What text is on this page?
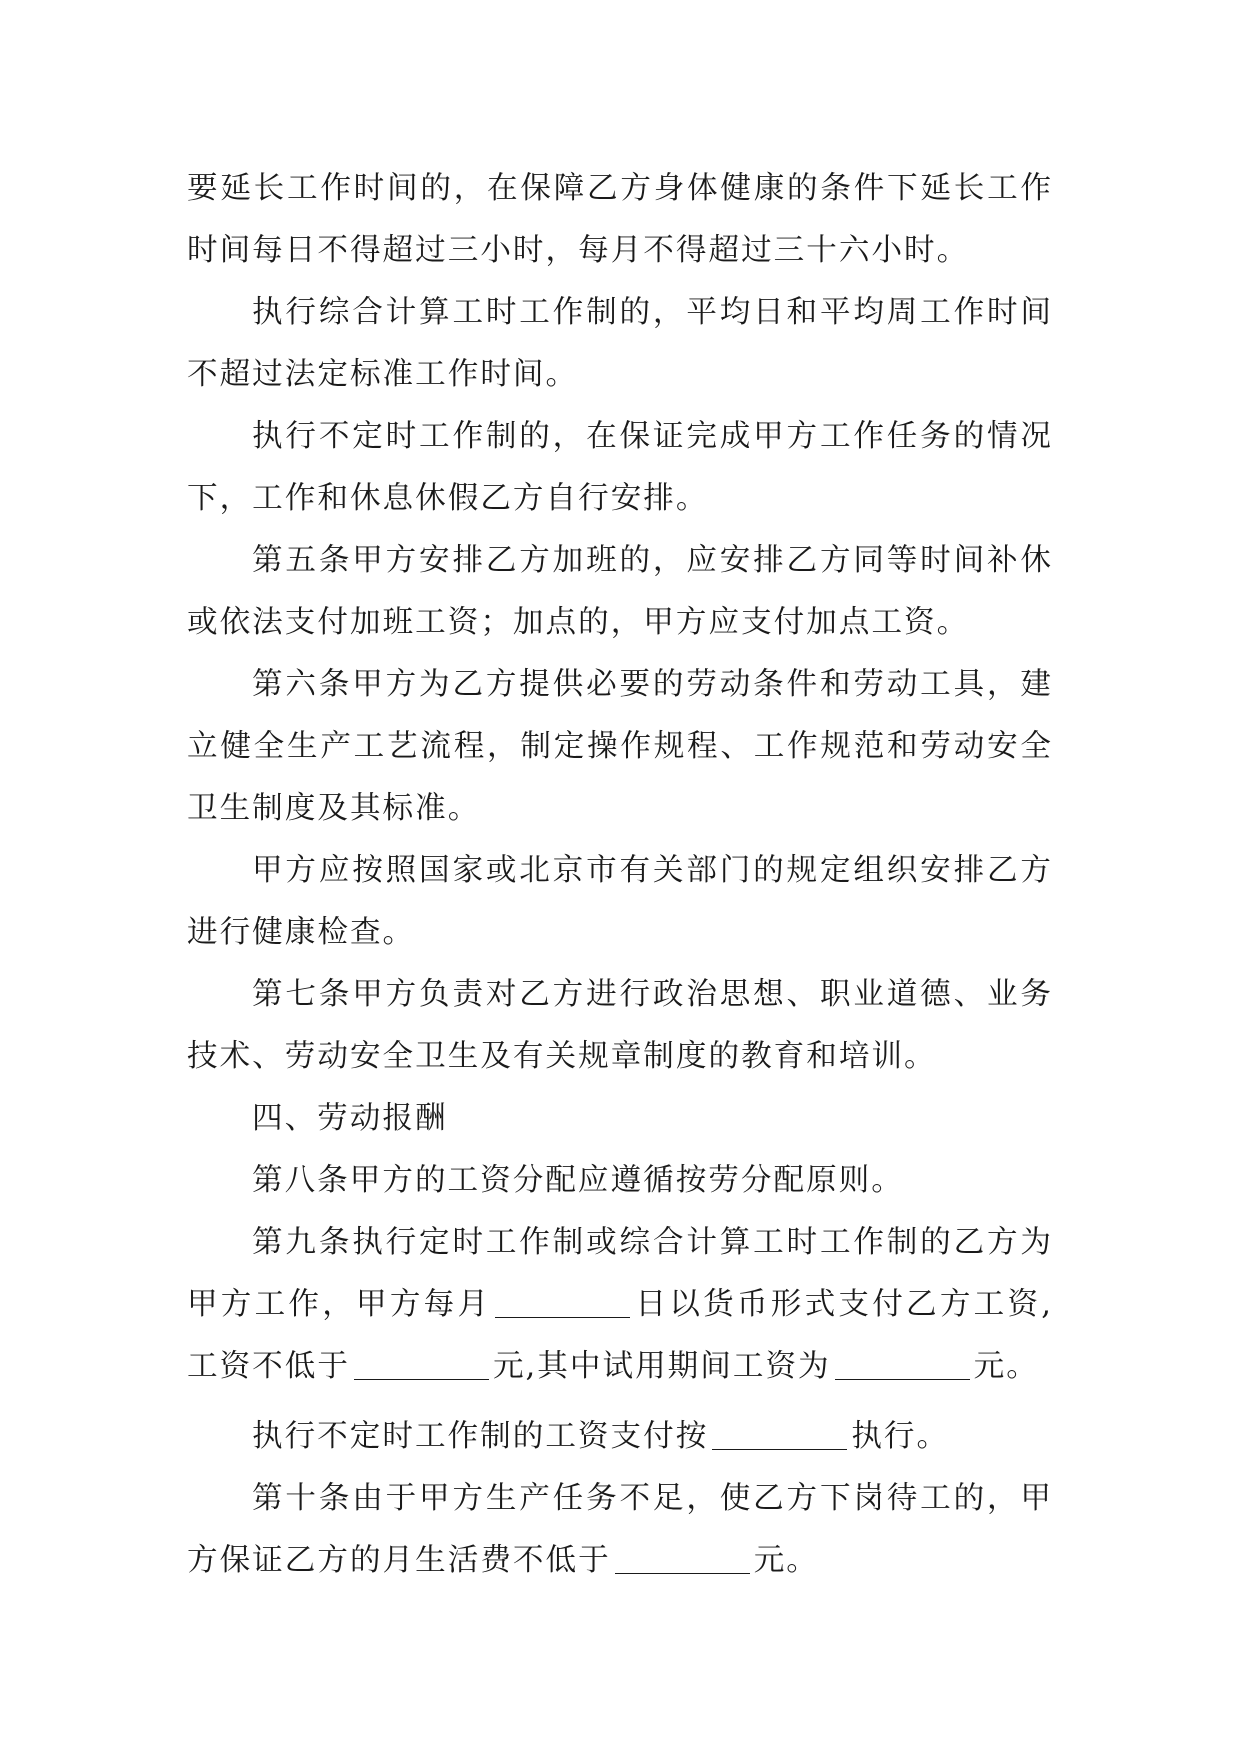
要延长工作时间的，在保障乙方身体健康的条件下延长工作时间每日不得超过三小时，每月不得超过三十六小时。

执行综合计算工时工作制的，平均日和平均周工作时间不超过法定标准工作时间。

执行不定时工作制的，在保证完成甲方工作任务的情况下，工作和休息休假乙方自行安排。

第五条甲方安排乙方加班的，应安排乙方同等时间补休或依法支付加班工资；加点的，甲方应支付加点工资。

第六条甲方为乙方提供必要的劳动条件和劳动工具，建立健全生产工艺流程，制定操作规程、工作规范和劳动安全卫生制度及其标准。

甲方应按照国家或北京市有关部门的规定组织安排乙方进行健康检查。

第七条甲方负责对乙方进行政治思想、职业道德、业务技术、劳动安全卫生及有关规章制度的教育和培训。

四、劳动报酬

第八条甲方的工资分配应遵循按劳分配原则。

第九条执行定时工作制或综合计算工时工作制的乙方为甲方工作，甲方每月	日以货币形式支付乙方工资,工资不低于	元,其中试用期间工资为	元。

执行不定时工作制的工资支付按	执行。

第十条由于甲方生产任务不足，使乙方下岗待工的，甲方保证乙方的月生活费不低于	元。
